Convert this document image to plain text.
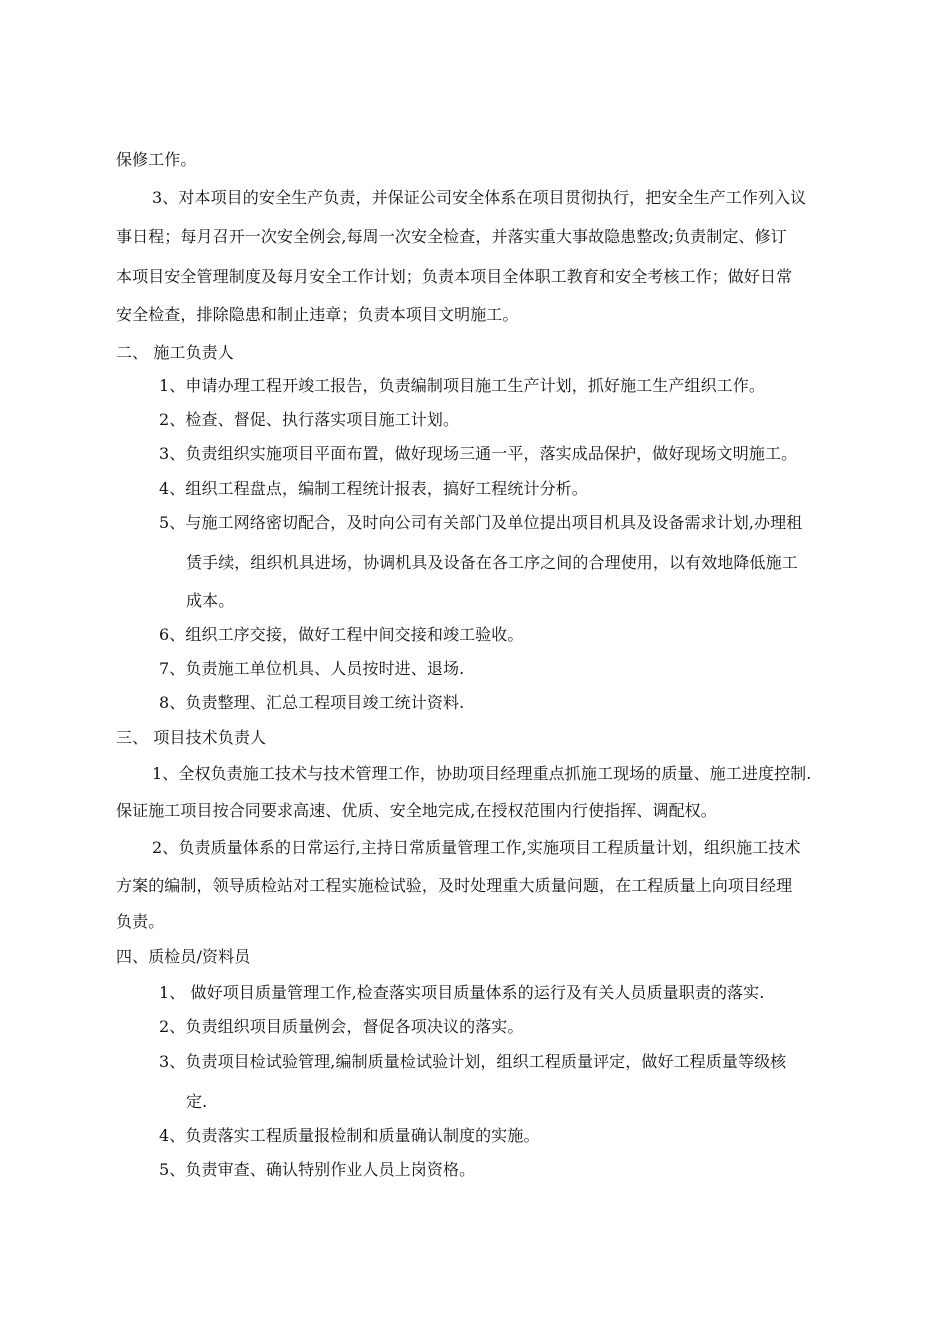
保修工作。
3、对本项目的安全生产负责，并保证公司安全体系在项目贯彻执行，把安全生产工作列入议
事日程；每月召开一次安全例会,每周一次安全检查，并落实重大事故隐患整改;负责制定、修订
本项目安全管理制度及每月安全工作计划；负责本项目全体职工教育和安全考核工作；做好日常
安全检查，排除隐患和制止违章；负责本项目文明施工。
二、 施工负责人
1、申请办理工程开竣工报告，负责编制项目施工生产计划，抓好施工生产组织工作。
2、检查、督促、执行落实项目施工计划。
3、负责组织实施项目平面布置，做好现场三通一平，落实成品保护，做好现场文明施工。
4、组织工程盘点，编制工程统计报表，搞好工程统计分析。
5、与施工网络密切配合，及时向公司有关部门及单位提出项目机具及设备需求计划,办理租
赁手续，组织机具进场，协调机具及设备在各工序之间的合理使用，以有效地降低施工
成本。
6、组织工序交接，做好工程中间交接和竣工验收。
7、负责施工单位机具、人员按时进、退场.
8、负责整理、汇总工程项目竣工统计资料.
三、 项目技术负责人
1、全权负责施工技术与技术管理工作，协助项目经理重点抓施工现场的质量、施工进度控制.
保证施工项目按合同要求高速、优质、安全地完成,在授权范围内行使指挥、调配权。
2、负责质量体系的日常运行,主持日常质量管理工作,实施项目工程质量计划，组织施工技术
方案的编制，领导质检站对工程实施检试验，及时处理重大质量问题，在工程质量上向项目经理
负责。
四、质检员/资料员
1、 做好项目质量管理工作,检查落实项目质量体系的运行及有关人员质量职责的落实.
2、负责组织项目质量例会，督促各项决议的落实。
3、负责项目检试验管理,编制质量检试验计划，组织工程质量评定，做好工程质量等级核
定.
4、负责落实工程质量报检制和质量确认制度的实施。
5、负责审查、确认特别作业人员上岗资格。
